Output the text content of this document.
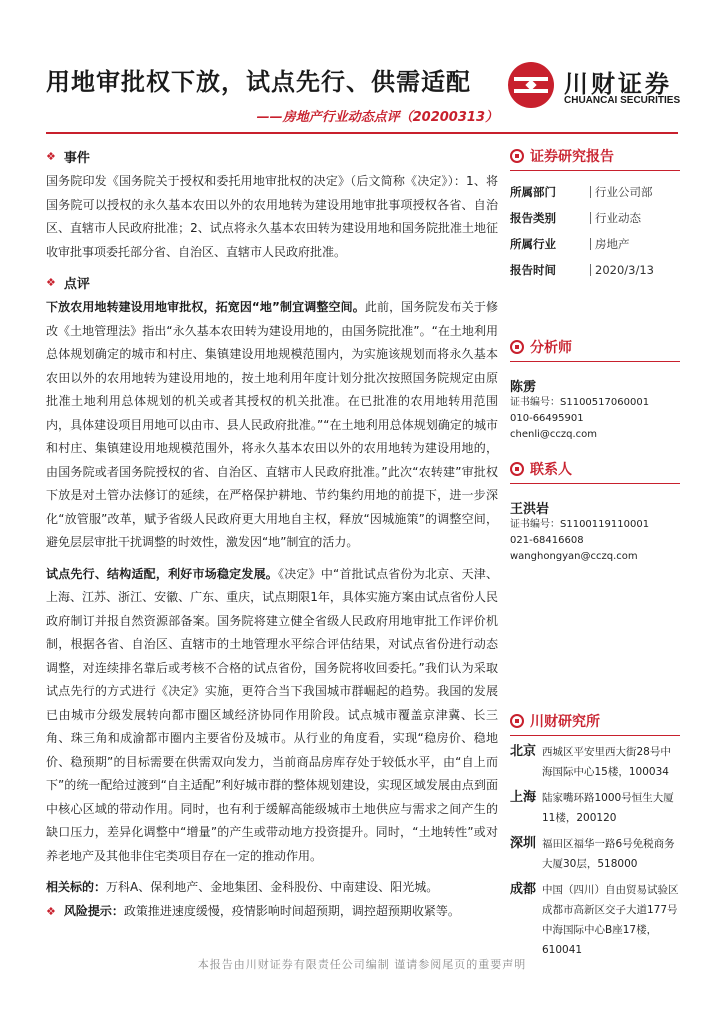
用地审批权下放，试点先行、供需适配
——房地产行业动态点评（20200313）
川财证券
CHUANCAI SECURITIES
❖ 事件

国务院印发《国务院关于授权和委托用地审批权的决定》（后文简称《决定》）：1、将国务院可以授权的永久基本农田以外的农用地转为建设用地审批事项授权各省、自治区、直辖市人民政府批准；2、试点将永久基本农田转为建设用地和国务院批准土地征收审批事项委托部分省、自治区、直辖市人民政府批准。

❖ 点评

下放农用地转建设用地审批权，拓宽因“地”制宜调整空间。此前，国务院发布关于修改《土地管理法》指出“永久基本农田转为建设用地的，由国务院批准”。“在土地利用总体规划确定的城市和村庄、集镇建设用地规模范围内，为实施该规划而将永久基本农田以外的农用地转为建设用地的，按土地利用年度计划分批次按照国务院规定由原批准土地利用总体规划的机关或者其授权的机关批准。在已批准的农用地转用范围内，具体建设项目用地可以由市、县人民政府批准。”“在土地利用总体规划确定的城市和村庄、集镇建设用地规模范围外，将永久基本农田以外的农用地转为建设用地的，由国务院或者国务院授权的省、自治区、直辖市人民政府批准。”此次“农转建”审批权下放是对土管办法修订的延续，在严格保护耕地、节约集约用地的前提下，进一步深化“放管服”改革，赋予省级人民政府更大用地自主权，释放“因城施策”的调整空间，避免层层审批干扰调整的时效性，激发因“地”制宜的活力。

试点先行、结构适配，利好市场稳定发展。《决定》中“首批试点省份为北京、天津、上海、江苏、浙江、安徽、广东、重庆，试点期限1年，具体实施方案由试点省份人民政府制订并报自然资源部备案。国务院将建立健全省级人民政府用地审批工作评价机制，根据各省、自治区、直辖市的土地管理水平综合评估结果，对试点省份进行动态调整，对连续排名靠后或考核不合格的试点省份，国务院将收回委托。”我们认为采取试点先行的方式进行《决定》实施，更符合当下我国城市群崛起的趋势。我国的发展已由城市分级发展转向都市圈区域经济协同作用阶段。试点城市覆盖京津冀、长三角、珠三角和成渝都市圈内主要省份及城市。从行业的角度看，实现“稳房价、稳地价、稳预期”的目标需要在供需双向发力，当前商品房库存处于较低水平，由“自上而下”的统一配给过渡到“自主适配”利好城市群的整体规划建设，实现区域发展由点到面中核心区域的带动作用。同时，也有利于缓解高能级城市土地供应与需求之间产生的缺口压力，差异化调整中“增量”的产生或带动地方投资提升。同时，“土地转性”或对养老地产及其他非住宅类项目存在一定的推动作用。

相关标的：万科A、保利地产、金地集团、金科股份、中南建设、阳光城。

❖ 风险提示：政策推进速度缓慢，疫情影响时间超预期，调控超预期收紧等。

证券研究报告
所属部门	行业公司部
报告类别	行业动态
所属行业	房地产
报告时间	2020/3/13
分析师
陈雳
证书编号：S1100517060001
010-66495901
chenli@cczq.com
联系人
王洪岩
证书编号：S1100119110001
021-68416608
wanghongyan@cczq.com
川财研究所
北京 西城区平安里西大街28号中海国际中心15楼，100034
上海 陆家嘴环路1000号恒生大厦11楼，200120
深圳 福田区福华一路6号免税商务大厦30层，518000
成都 中国（四川）自由贸易试验区成都市高新区交子大道177号中海国际中心B座17楼，610041
本报告由川财证券有限责任公司编制 谨请参阅尾页的重要声明
